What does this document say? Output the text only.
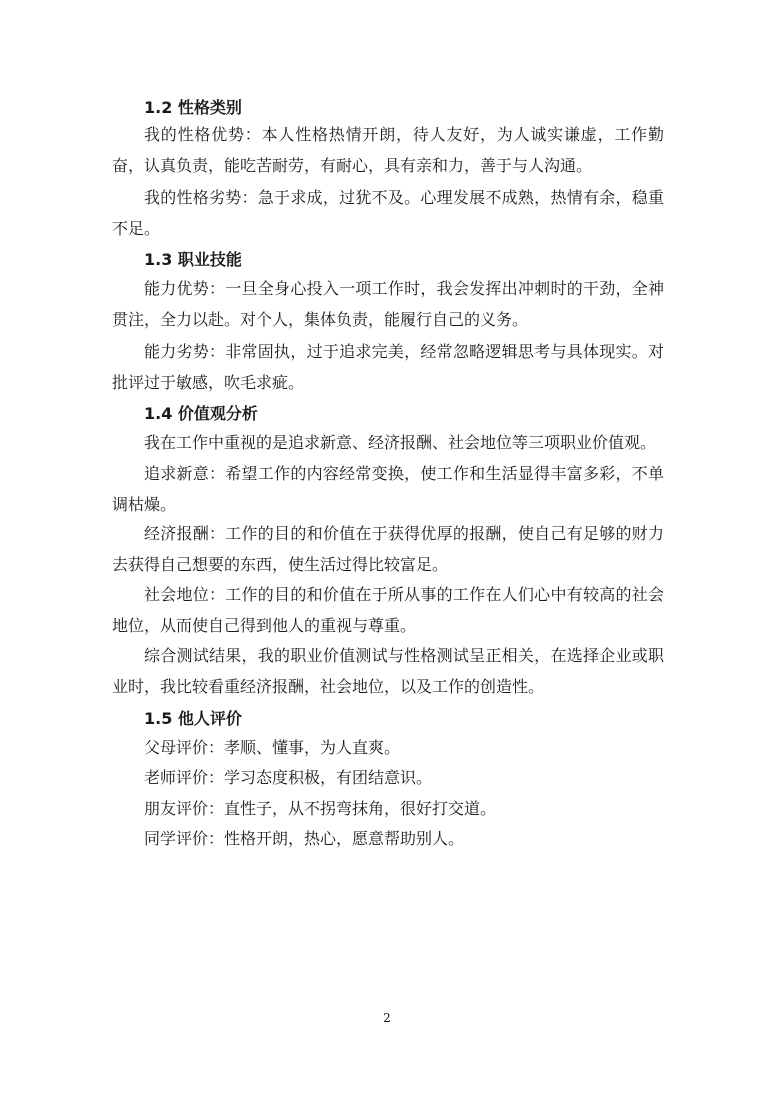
1.2 性格类别

我的性格优势：本人性格热情开朗，待人友好，为人诚实谦虚，工作勤奋，认真负责，能吃苦耐劳，有耐心，具有亲和力，善于与人沟通。

我的性格劣势：急于求成，过犹不及。心理发展不成熟，热情有余，稳重不足。

1.3 职业技能

能力优势：一旦全身心投入一项工作时，我会发挥出冲刺时的干劲，全神贯注，全力以赴。对个人，集体负责，能履行自己的义务。

能力劣势：非常固执，过于追求完美，经常忽略逻辑思考与具体现实。对批评过于敏感，吹毛求疵。

1.4 价值观分析

我在工作中重视的是追求新意、经济报酬、社会地位等三项职业价值观。

追求新意：希望工作的内容经常变换，使工作和生活显得丰富多彩，不单调枯燥。

经济报酬：工作的目的和价值在于获得优厚的报酬，使自己有足够的财力去获得自己想要的东西，使生活过得比较富足。

社会地位：工作的目的和价值在于所从事的工作在人们心中有较高的社会地位，从而使自己得到他人的重视与尊重。

综合测试结果，我的职业价值测试与性格测试呈正相关，在选择企业或职业时，我比较看重经济报酬，社会地位，以及工作的创造性。

1.5 他人评价

父母评价：孝顺、懂事，为人直爽。

老师评价：学习态度积极，有团结意识。

朋友评价：直性子，从不拐弯抹角，很好打交道。

同学评价：性格开朗，热心，愿意帮助别人。

2
